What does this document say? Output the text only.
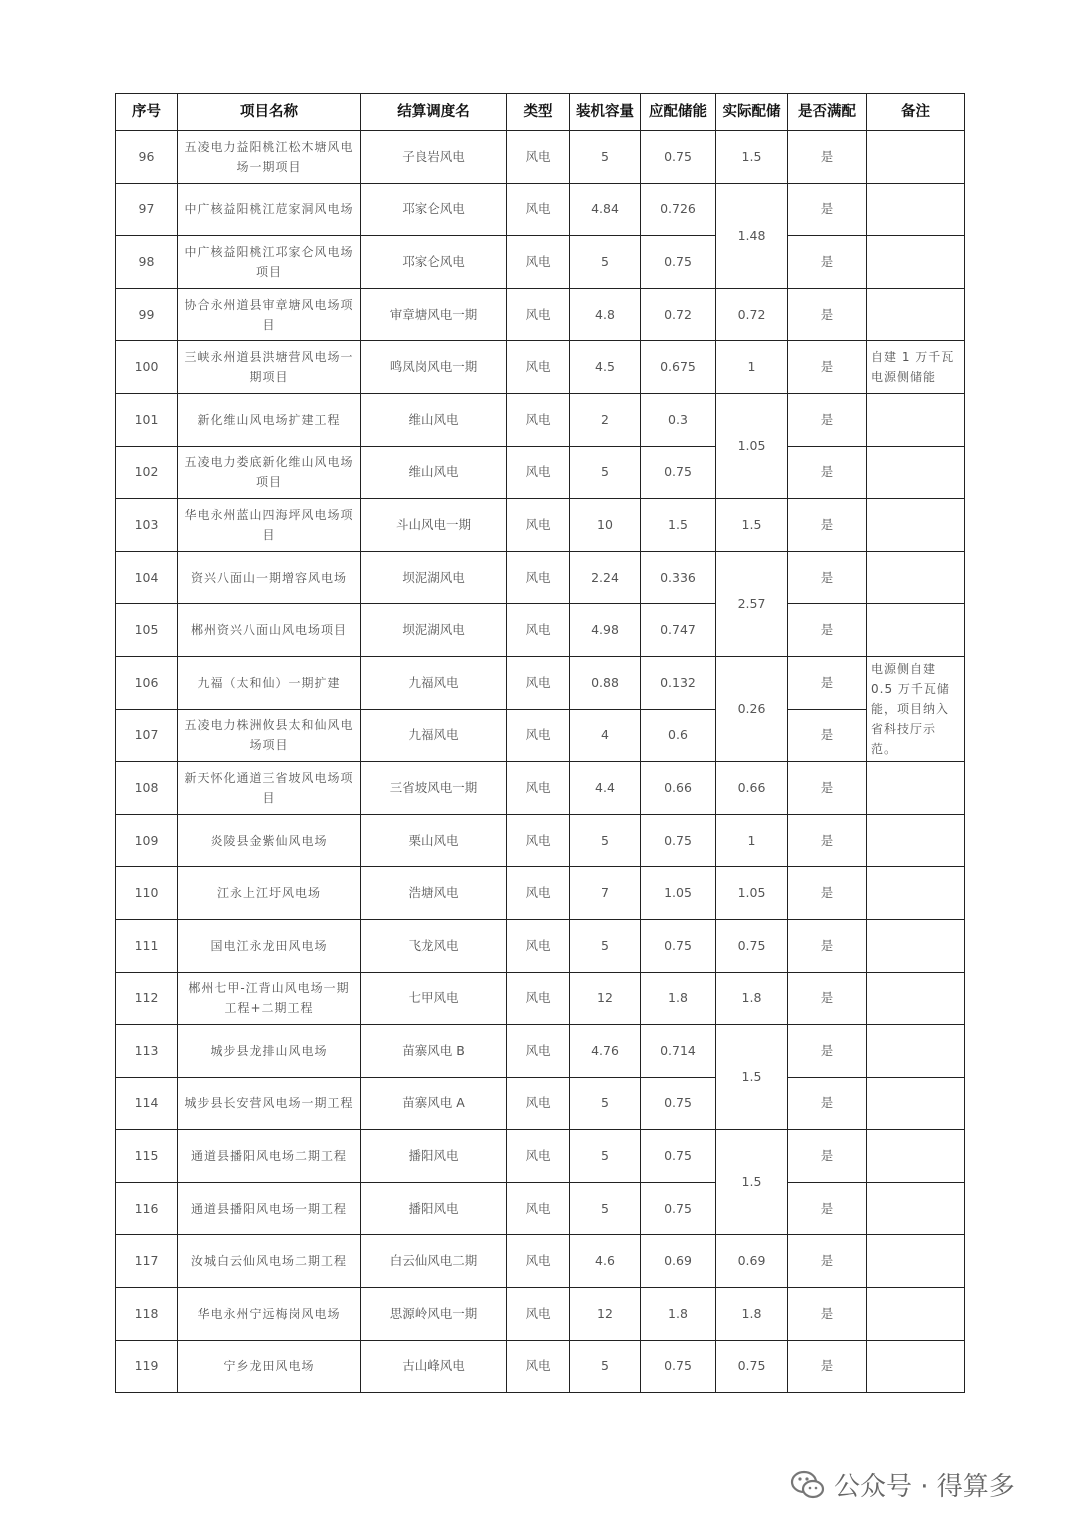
序号	项目名称	结算调度名	类型	装机容量	应配储能	实际配储	是否满配	备注
96	五凌电力益阳桃江松木塘风电场一期项目	子良岩风电	风电	5	0.75	1.5	是	
97	中广核益阳桃江苊家洞风电场	邛家仑风电	风电	4.84	0.726	1.48	是	
98	中广核益阳桃江邛家仑风电场项目	邛家仑风电	风电	5	0.75		是	
99	协合永州道县审章塘风电场项目	审章塘风电一期	风电	4.8	0.72	0.72	是	
100	三峡永州道县洪塘营风电场一期项目	鸣凤岗风电一期	风电	4.5	0.675	1	是	自建 1 万千瓦电源侧储能
101	新化维山风电场扩建工程	维山风电	风电	2	0.3	1.05	是	
102	五凌电力娄底新化维山风电场项目	维山风电	风电	5	0.75		是	
103	华电永州蓝山四海坪风电场项目	斗山风电一期	风电	10	1.5	1.5	是	
104	资兴八面山一期增容风电场	坝泥湖风电	风电	2.24	0.336	2.57	是	
105	郴州资兴八面山风电场项目	坝泥湖风电	风电	4.98	0.747		是	
106	九福（太和仙）一期扩建	九福风电	风电	0.88	0.132	0.26	是	电源侧自建 0.5 万千瓦储能，项目纳入省科技厅示范。
107	五凌电力株洲攸县太和仙风电场项目	九福风电	风电	4	0.6		是	
108	新天怀化通道三省坡风电场项目	三省坡风电一期	风电	4.4	0.66	0.66	是	
109	炎陵县金紫仙风电场	栗山风电	风电	5	0.75	1	是	
110	江永上江圩风电场	浩塘风电	风电	7	1.05	1.05	是	
111	国电江永龙田风电场	飞龙风电	风电	5	0.75	0.75	是	
112	郴州七甲-江背山风电场一期工程+二期工程	七甲风电	风电	12	1.8	1.8	是	
113	城步县龙排山风电场	苗寨风电 B	风电	4.76	0.714	1.5	是	
114	城步县长安营风电场一期工程	苗寨风电 A	风电	5	0.75		是	
115	通道县播阳风电场二期工程	播阳风电	风电	5	0.75	1.5	是	
116	通道县播阳风电场一期工程	播阳风电	风电	5	0.75		是	
117	汝城白云仙风电场二期工程	白云仙风电二期	风电	4.6	0.69	0.69	是	
118	华电永州宁远梅岗风电场	思源岭风电一期	风电	12	1.8	1.8	是	
119	宁乡龙田风电场	古山峰风电	风电	5	0.75	0.75	是	
公众号 · 得算多
